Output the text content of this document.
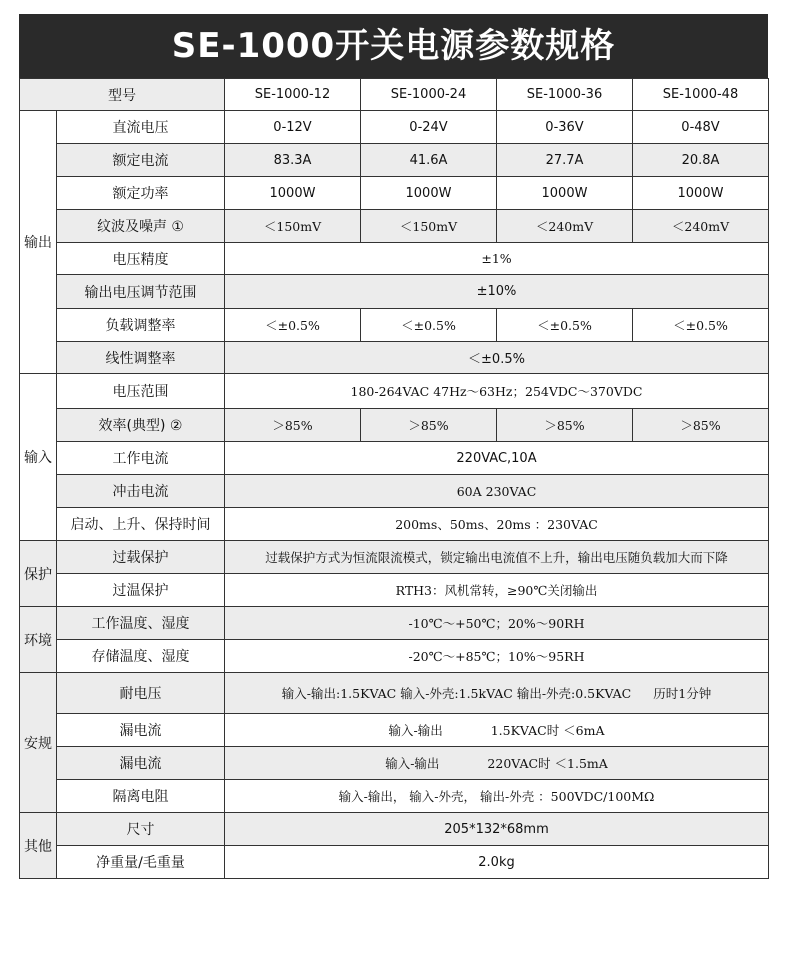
SE-1000开关电源参数规格
型号		SE-1000-12	SE-1000-24	SE-1000-36	SE-1000-48
输出	直流电压	0-12V	0-24V	0-36V	0-48V
	额定电流	83.3A	41.6A	27.7A	20.8A
	额定功率	1000W	1000W	1000W	1000W
	纹波及噪声 ①	＜150mV	＜150mV	＜240mV	＜240mV
	电压精度	±1%			
	输出电压调节范围	±10%			
	负载调整率	＜±0.5%	＜±0.5%	＜±0.5%	＜±0.5%
	线性调整率	＜±0.5%			
输入	电压范围	180-264VAC 47Hz～63Hz；254VDC～370VDC			
	效率(典型) ②	＞85%	＞85%	＞85%	＞85%
	工作电流	220VAC,10A			
	冲击电流	60A 230VAC			
	启动、上升、保持时间	200ms、50ms、20ms ：230VAC			
保护	过载保护	过载保护方式为恒流限流模式，锁定输出电流值不上升，输出电压随负载加大而下降			
	过温保护	RTH3：风机常转，≥90℃关闭输出			
环境	工作温度、湿度	-10℃～+50℃；20%～90RH			
	存储温度、湿度	-20℃～+85℃；10%～95RH			
安规	耐电压	输入-输出:1.5KVAC 输入-外壳:1.5kVAC 输出-外壳:0.5KVAC 历时1分钟			
	漏电流	输入-输出 1.5KVAC时 ＜6mA			
	漏电流	输入-输出 220VAC时 ＜1.5mA			
	隔离电阻	输入-输出， 输入-外壳， 输出-外壳 ：500VDC/100MΩ			
其他	尺寸	205*132*68mm			
	净重量/毛重量	2.0kg			
